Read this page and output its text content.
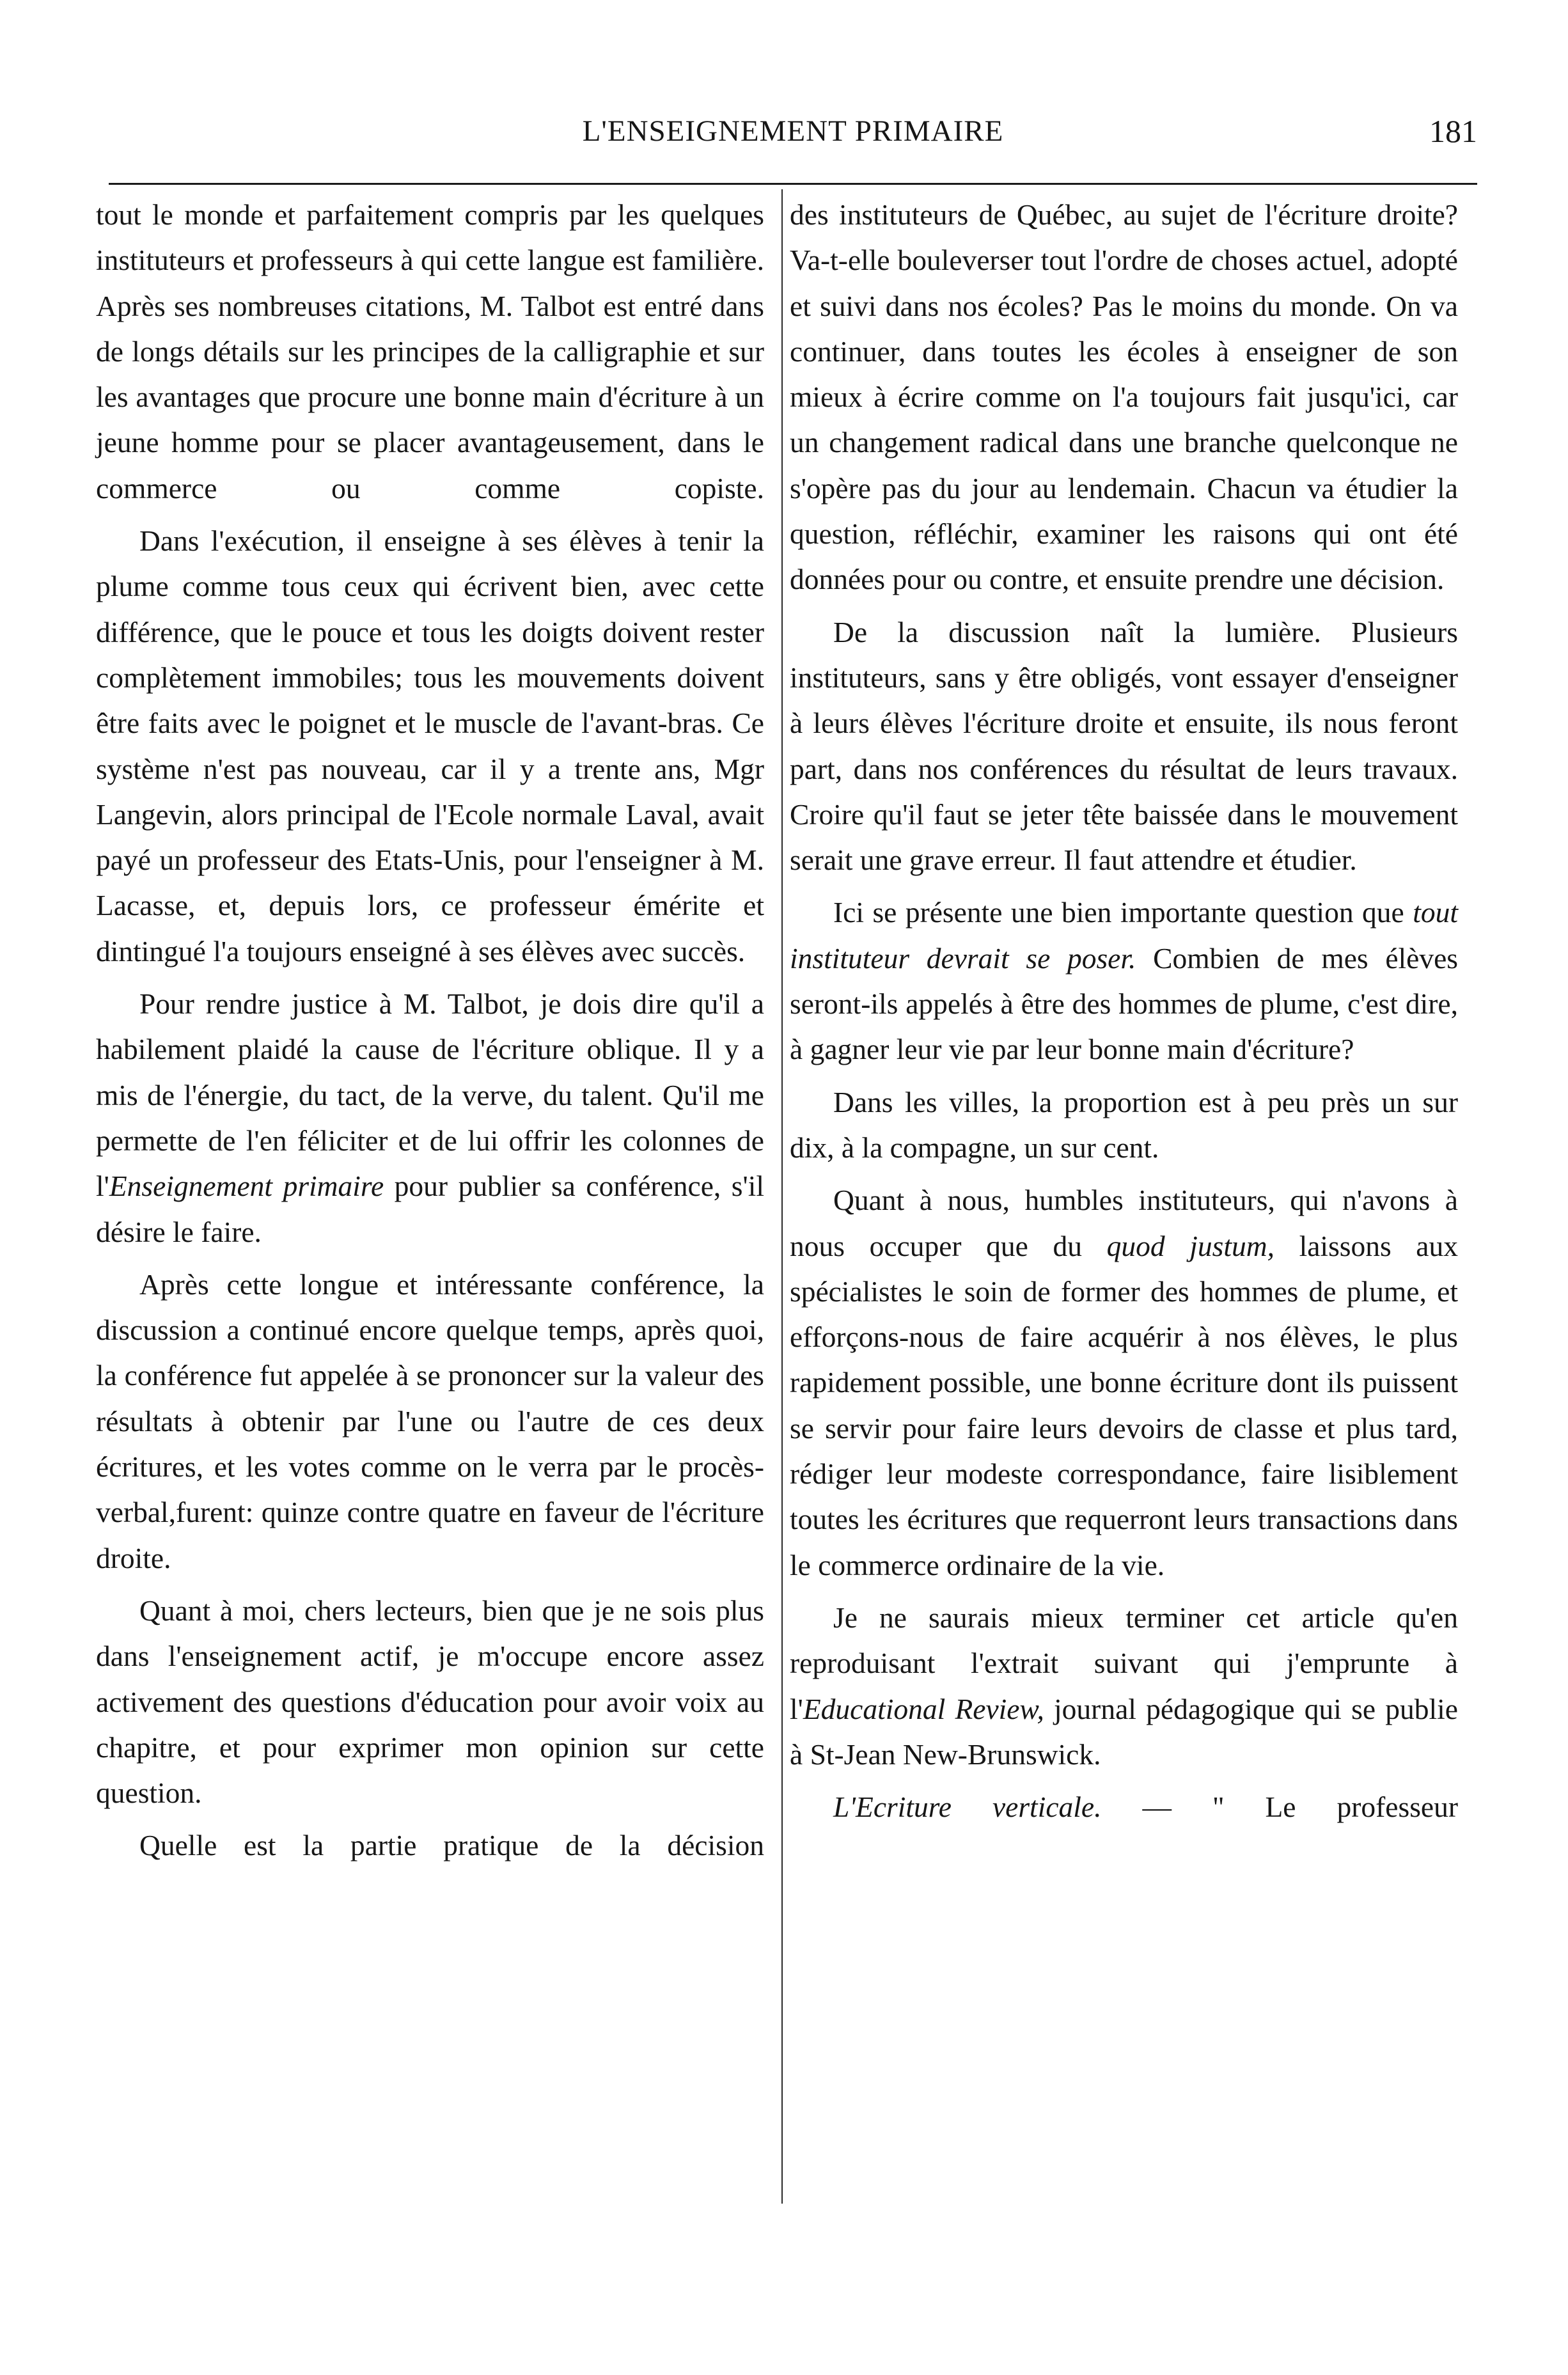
L'ENSEIGNEMENT PRIMAIRE	181

tout le monde et parfaitement compris par les quelques instituteurs et professeurs à qui cette langue est familière. Après ses nombreuses citations, M. Talbot est entré dans de longs détails sur les principes de la calligraphie et sur les avantages que procure une bonne main d'écriture à un jeune homme pour se placer avantageusement, dans le commerce ou comme copiste.

Dans l'exécution, il enseigne à ses élèves à tenir la plume comme tous ceux qui écrivent bien, avec cette différence, que le pouce et tous les doigts doivent rester complètement immobiles; tous les mouvements doivent être faits avec le poignet et le muscle de l'avant-bras. Ce système n'est pas nouveau, car il y a trente ans, Mgr Langevin, alors principal de l'Ecole normale Laval, avait payé un professeur des Etats-Unis, pour l'enseigner à M. Lacasse, et, depuis lors, ce professeur émérite et dintingué l'a toujours enseigné à ses élèves avec succès.

Pour rendre justice à M. Talbot, je dois dire qu'il a habilement plaidé la cause de l'écriture oblique. Il y a mis de l'énergie, du tact, de la verve, du talent. Qu'il me permette de l'en féliciter et de lui offrir les colonnes de l'Enseignement primaire pour publier sa conférence, s'il désire le faire.

Après cette longue et intéressante conférence, la discussion a continué encore quelque temps, après quoi, la conférence fut appelée à se prononcer sur la valeur des résultats à obtenir par l'une ou l'autre de ces deux écritures, et les votes comme on le verra par le procès-verbal,furent: quinze contre quatre en faveur de l'écriture droite.

Quant à moi, chers lecteurs, bien que je ne sois plus dans l'enseignement actif, je m'occupe encore assez activement des questions d'éducation pour avoir voix au chapitre, et pour exprimer mon opinion sur cette question.

Quelle est la partie pratique de la décision

des instituteurs de Québec, au sujet de l'écriture droite? Va-t-elle bouleverser tout l'ordre de choses actuel, adopté et suivi dans nos écoles? Pas le moins du monde. On va continuer, dans toutes les écoles à enseigner de son mieux à écrire comme on l'a toujours fait jusqu'ici, car un changement radical dans une branche quelconque ne s'opère pas du jour au lendemain. Chacun va étudier la question, réfléchir, examiner les raisons qui ont été données pour ou contre, et ensuite prendre une décision.

De la discussion naît la lumière. Plusieurs instituteurs, sans y être obligés, vont essayer d'enseigner à leurs élèves l'écriture droite et ensuite, ils nous feront part, dans nos conférences du résultat de leurs travaux. Croire qu'il faut se jeter tête baissée dans le mouvement serait une grave erreur. Il faut attendre et étudier.

Ici se présente une bien importante question que tout instituteur devrait se poser. Combien de mes élèves seront-ils appelés à être des hommes de plume, c'est dire, à gagner leur vie par leur bonne main d'écriture?

Dans les villes, la proportion est à peu près un sur dix, à la compagne, un sur cent.

Quant à nous, humbles instituteurs, qui n'avons à nous occuper que du quod justum, laissons aux spécialistes le soin de former des hommes de plume, et efforçons-nous de faire acquérir à nos élèves, le plus rapidement possible, une bonne écriture dont ils puissent se servir pour faire leurs devoirs de classe et plus tard, rédiger leur modeste correspondance, faire lisiblement toutes les écritures que requerront leurs transactions dans le commerce ordinaire de la vie.

Je ne saurais mieux terminer cet article qu'en reproduisant l'extrait suivant qui j'emprunte à l'Educational Review, journal pédagogique qui se publie à St-Jean New-Brunswick.

L'Ecriture verticale. — " Le professeur
